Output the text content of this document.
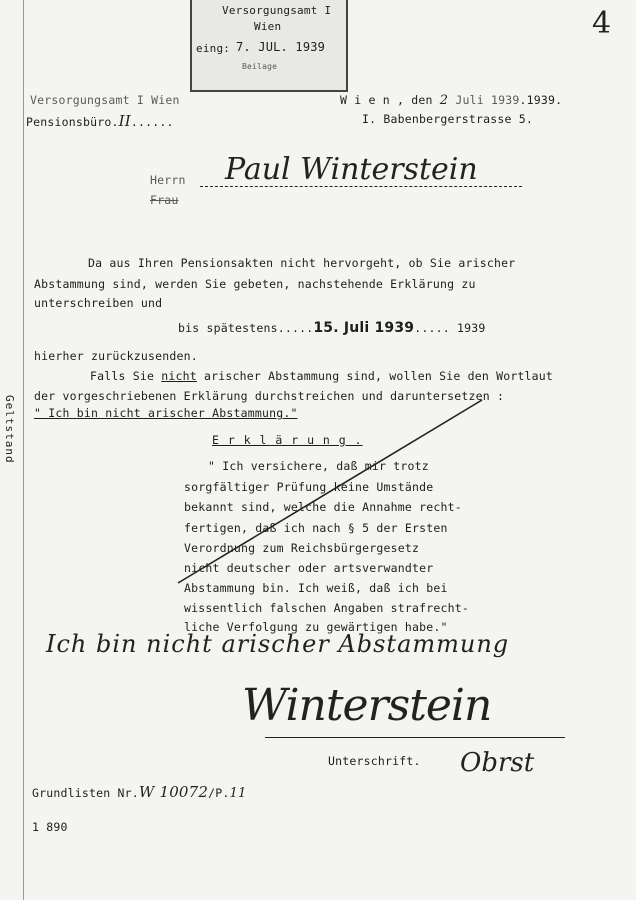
Geltstand
4
Versorgungsamt I
Wien
eing: 7. JUL. 1939
Beilage
Versorgungsamt I Wien
Pensionsbüro.II......
W i e n , den 2 Juli 1939.1939.
I. Babenbergerstrasse 5.
Herrn
Frau
Paul Winterstein
Da aus Ihren Pensionsakten nicht hervorgeht, ob Sie arischer
Abstammung sind, werden Sie gebeten, nachstehende Erklärung zu
unterschreiben und
bis spätestens.....15. Juli 1939..... 1939
hierher zurückzusenden.
Falls Sie nicht arischer Abstammung sind, wollen Sie den Wortlaut
der vorgeschriebenen Erklärung durchstreichen und daruntersetzen :
" Ich bin nicht arischer Abstammung."
E r k l ä r u n g .
" Ich versichere, daß mir trotz
sorgfältiger Prüfung keine Umstände
bekannt sind, welche die Annahme recht-
fertigen, daß ich nach § 5 der Ersten
Verordnung zum Reichsbürgergesetz
nicht deutscher oder artsverwandter
Abstammung bin. Ich weiß, daß ich bei
wissentlich falschen Angaben strafrecht-
liche Verfolgung zu gewärtigen habe."
Ich bin nicht arischer Abstammung
Winterstein
Unterschrift. Obrst
Grundlisten Nr.W 10072/P.11
1 890
